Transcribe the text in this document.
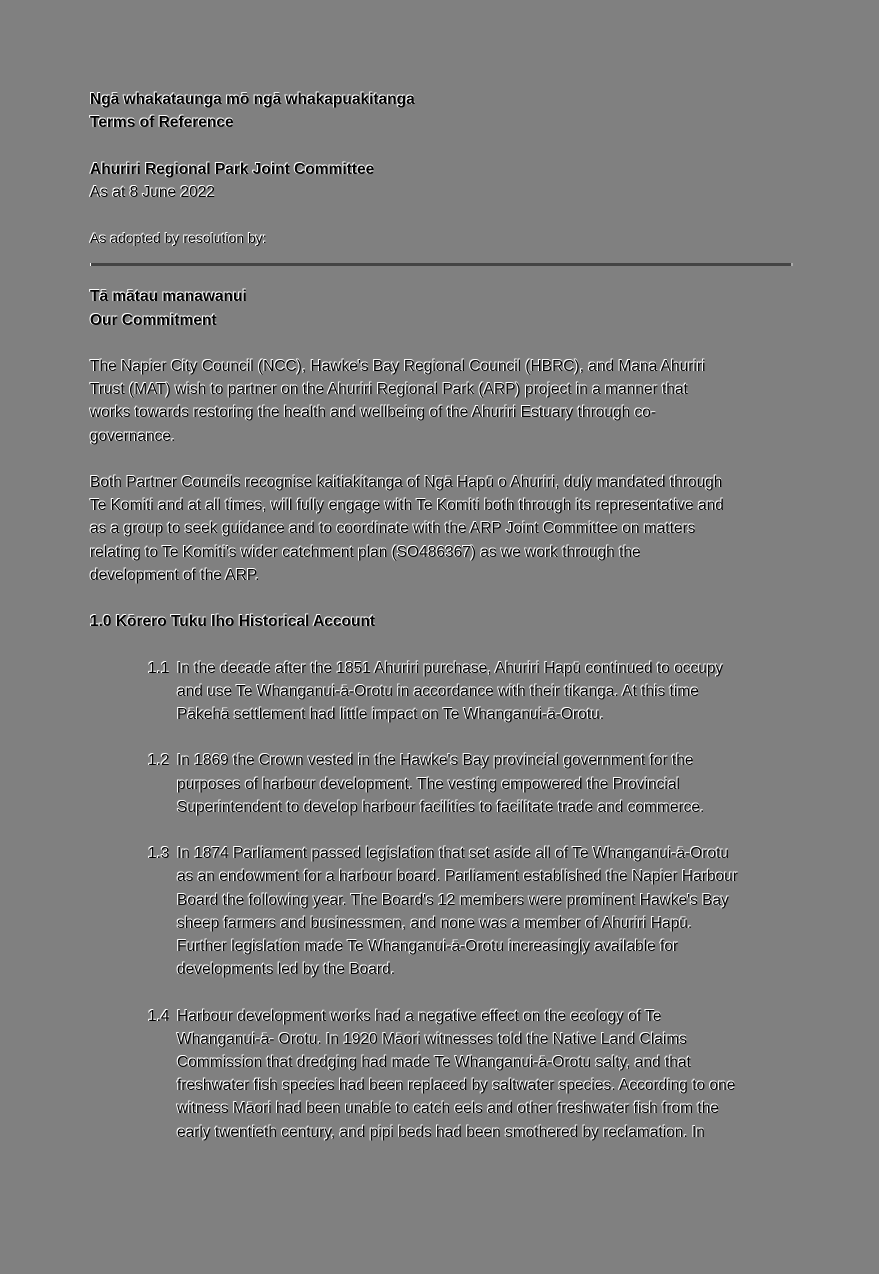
Ngā whakataunga mō ngā whakapuakitanga
Terms of Reference
Ahuriri Regional Park Joint Committee
As at 8 June 2022
As adopted by resolution by:
Tā mātau manawanui
Our Commitment
The Napier City Council (NCC), Hawke's Bay Regional Council (HBRC), and Mana Ahuriri
Trust (MAT) wish to partner on the Ahuriri Regional Park (ARP) project in a manner that
works towards restoring the health and wellbeing of the Ahuriri Estuary through co-
governance.
Both Partner Councils recognise kaitiakitanga of Ngā Hapū o Ahuriri, duly mandated through
Te Komiti and at all times, will fully engage with Te Komiti both through its representative and
as a group to seek guidance and to coordinate with the ARP Joint Committee on matters
relating to Te Komiti's wider catchment plan (SO486367) as we work through the
development of the ARP.
1.0 Kōrero Tuku Iho Historical Account
1.1 In the decade after the 1851 Ahuriri purchase, Ahuriri Hapū continued to occupy
and use Te Whanganui-ā-Orotu in accordance with their tikanga. At this time
Pākehā settlement had little impact on Te Whanganui-ā-Orotu.
1.2 In 1869 the Crown vested in the Hawke's Bay provincial government for the
purposes of harbour development. The vesting empowered the Provincial
Superintendent to develop harbour facilities to facilitate trade and commerce.
1.3 In 1874 Parliament passed legislation that set aside all of Te Whanganui-ā-Orotu
as an endowment for a harbour board. Parliament established the Napier Harbour
Board the following year. The Board's 12 members were prominent Hawke's Bay
sheep farmers and businessmen, and none was a member of Ahuriri Hapū.
Further legislation made Te Whanganui-ā-Orotu increasingly available for
developments led by the Board.
1.4 Harbour development works had a negative effect on the ecology of Te
Whanganui-ā- Orotu. In 1920 Māori witnesses told the Native Land Claims
Commission that dredging had made Te Whanganui-ā-Orotu salty, and that
freshwater fish species had been replaced by saltwater species. According to one
witness Māori had been unable to catch eels and other freshwater fish from the
early twentieth century, and pipi beds had been smothered by reclamation. In
